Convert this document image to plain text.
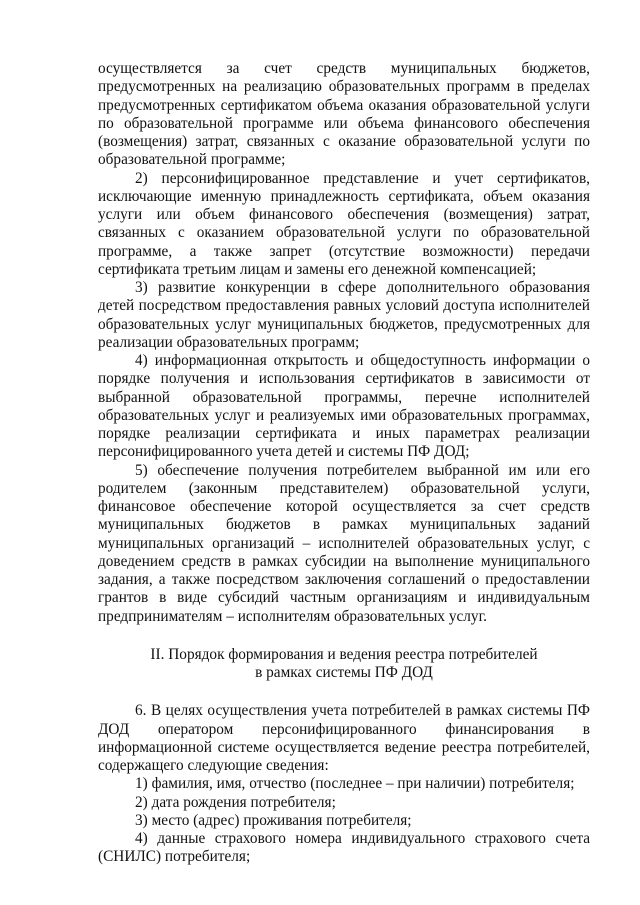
осуществляется за счет средств муниципальных бюджетов, предусмотренных на реализацию образовательных программ в пределах предусмотренных сертификатом объема оказания образовательной услуги по образовательной программе или объема финансового обеспечения (возмещения) затрат, связанных с оказание образовательной услуги по образовательной программе;

2) персонифицированное представление и учет сертификатов, исключающие именную принадлежность сертификата, объем оказания услуги или объем финансового обеспечения (возмещения) затрат, связанных с оказанием образовательной услуги по образовательной программе, а также запрет (отсутствие возможности) передачи сертификата третьим лицам и замены его денежной компенсацией;

3) развитие конкуренции в сфере дополнительного образования детей посредством предоставления равных условий доступа исполнителей образовательных услуг муниципальных бюджетов, предусмотренных для реализации образовательных программ;

4) информационная открытость и общедоступность информации о порядке получения и использования сертификатов в зависимости от выбранной образовательной программы, перечне исполнителей образовательных услуг и реализуемых ими образовательных программах, порядке реализации сертификата и иных параметрах реализации персонифицированного учета детей и системы ПФ ДОД;

5) обеспечение получения потребителем выбранной им или его родителем (законным представителем) образовательной услуги, финансовое обеспечение которой осуществляется за счет средств муниципальных бюджетов в рамках муниципальных заданий муниципальных организаций – исполнителей образовательных услуг, с доведением средств в рамках субсидии на выполнение муниципального задания, а также посредством заключения соглашений о предоставлении грантов в виде субсидий частным организациям и индивидуальным предпринимателям – исполнителям образовательных услуг.

II. Порядок формирования и ведения реестра потребителей
в рамках системы ПФ ДОД

6. В целях осуществления учета потребителей в рамках системы ПФ ДОД оператором персонифицированного финансирования в информационной системе осуществляется ведение реестра потребителей, содержащего следующие сведения:

1) фамилия, имя, отчество (последнее – при наличии) потребителя;

2) дата рождения потребителя;

3) место (адрес) проживания потребителя;

4) данные страхового номера индивидуального страхового счета (СНИЛС) потребителя;
